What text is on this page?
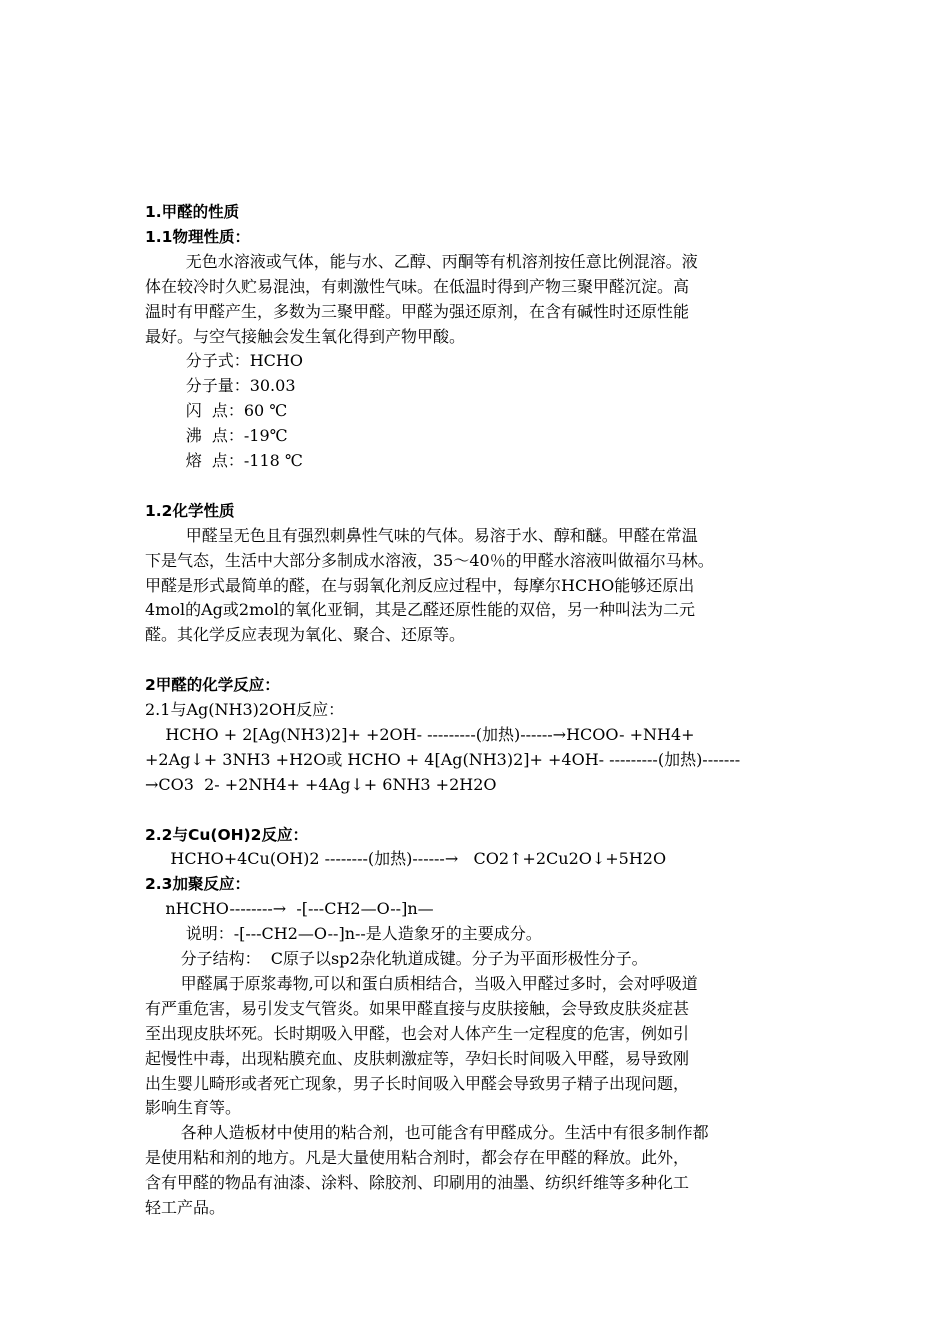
1.甲醛的性质
1.1物理性质：
无色水溶液或气体，能与水、乙醇、丙酮等有机溶剂按任意比例混溶。液
体在较冷时久贮易混浊，有刺激性气味。在低温时得到产物三聚甲醛沉淀。高
温时有甲醛产生，多数为三聚甲醛。甲醛为强还原剂，在含有碱性时还原性能
最好。与空气接触会发生氧化得到产物甲酸。
分子式：HCHO
分子量：30.03
闪  点：60 ℃
沸  点：-19℃
熔  点：-118 ℃
1.2化学性质
甲醛呈无色且有强烈刺鼻性气味的气体。易溶于水、醇和醚。甲醛在常温
下是气态，生活中大部分多制成水溶液，35～40％的甲醛水溶液叫做福尔马林。
甲醛是形式最简单的醛，在与弱氧化剂反应过程中，每摩尔HCHO能够还原出
4mol的Ag或2mol的氧化亚铜，其是乙醛还原性能的双倍，另一种叫法为二元
醛。其化学反应表现为氧化、聚合、还原等。
2甲醛的化学反应：
2.1与Ag(NH3)2OH反应：
HCHO + 2[Ag(NH3)2]+ +2OH- ---------(加热)------→HCOO- +NH4+
+2Ag↓+ 3NH3 +H2O或 HCHO + 4[Ag(NH3)2]+ +4OH- ---------(加热)-------
→CO3  2- +2NH4+ +4Ag↓+ 6NH3 +2H2O
2.2与Cu(OH)2反应：
HCHO+4Cu(OH)2 --------(加热)------→   CO2↑+2Cu2O↓+5H2O
2.3加聚反应：
nHCHO--------→  -[---CH2—O--]n—
说明：-[---CH2—O--]n--是人造象牙的主要成分。
分子结构：  C原子以sp2杂化轨道成键。分子为平面形极性分子。
甲醛属于原浆毒物,可以和蛋白质相结合，当吸入甲醛过多时，会对呼吸道
有严重危害，易引发支气管炎。如果甲醛直接与皮肤接触，会导致皮肤炎症甚
至出现皮肤坏死。长时期吸入甲醛，也会对人体产生一定程度的危害，例如引
起慢性中毒，出现粘膜充血、皮肤刺激症等，孕妇长时间吸入甲醛，易导致刚
出生婴儿畸形或者死亡现象，男子长时间吸入甲醛会导致男子精子出现问题，
影响生育等。
各种人造板材中使用的粘合剂，也可能含有甲醛成分。生活中有很多制作都
是使用粘和剂的地方。凡是大量使用粘合剂时，都会存在甲醛的释放。此外，
含有甲醛的物品有油漆、涂料、除胶剂、印刷用的油墨、纺织纤维等多种化工
轻工产品。
